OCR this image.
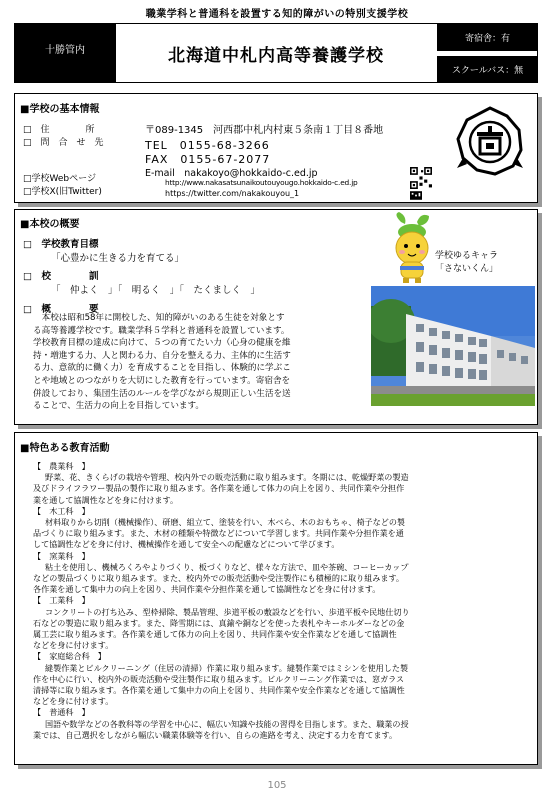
職業学科と普通科を設置する知的障がいの特別支援学校
十勝管内	北海道中札内高等養護学校
寄宿舎：有
スクールバス：無
■学校の基本情報
□　住　　　　所
□　問　合　せ　先
〒089-1345　河西郡中札内村東５条南１丁目８番地
TEL　0155-68-3266
FAX　0155-67-2077
E-mail　nakakoyo@hokkaido-c.ed.jp
□学校Webページ
□学校X(旧Twitter)
http://www.nakasatsunaikoutouyougo.hokkaido-c.ed.jp
https://twitter.com/nakakouyou_1
■本校の概要
□　学校教育目標
「心豊かに生きる力を育てる」
□　校　　　　訓
「　仲よく　」「　明るく　」「　たくましく　」
□　概　　　　要
　本校は昭和58年に開校した、知的障がいのある生徒を対象とす
る高等養護学校です。職業学科５学科と普通科を設置しています。
学校教育目標の達成に向けて、５つの育てたい力（心身の健康を維
持・増進する力、人と関わる力、自分を整える力、主体的に生活す
る力、意欲的に働く力）を育成することを目指し、体験的に学ぶこ
とや地域とのつながりを大切にした教育を行っています。寄宿舎を
併設しており、集団生活のルールを学びながら規則正しい生活を送
ることで、生活力の向上を目指しています。
学校ゆるキャラ
「さないくん」
■特色ある教育活動
【　農業科　】
野菜、花、きくらげの栽培や管理、校内外での販売活動に取り組みます。冬期には、乾燥野菜の製造
及びドライフラワー製品の製作に取り組みます。各作業を通して体力の向上を図り、共同作業や分担作
業を通して協調性などを身に付けます。
【　木工科　】
材料取りから切削（機械操作）、研磨、組立て、塗装を行い、木べら、木のおもちゃ、椅子などの製
品づくりに取り組みます。また、木材の種類や特徴などについて学習します。共同作業や分担作業を通
して協調性などを身に付け、機械操作を通して安全への配慮などについて学びます。
【　窯業科　】
粘土を使用し、機械ろくろやよりづくり、板づくりなど、様々な方法で、皿や茶碗、コーヒーカップ
などの製品づくりに取り組みます。また、校内外での販売活動や受注製作にも積極的に取り組みます。
各作業を通して集中力の向上を図り、共同作業や分担作業を通して協調性などを身に付けます。
【　工業科　】
コンクリートの打ち込み、型枠掃除、製品管理、歩道平板の敷設などを行い、歩道平板や民地仕切り
石などの製造に取り組みます。また、降雪期には、真鍮や銅などを使った表札やキーホルダーなどの金
属工芸に取り組みます。各作業を通して体力の向上を図り、共同作業や安全作業などを通して協調性
などを身に付けます。
【　家庭総合科　】
縫製作業とビルクリーニング（住居の清掃）作業に取り組みます。縫製作業ではミシンを使用した製
作を中心に行い、校内外の販売活動や受注製作に取り組みます。ビルクリーニング作業では、窓ガラス
清掃等に取り組みます。各作業を通して集中力の向上を図り、共同作業や安全作業などを通して協調性
などを身に付けます。
【　普通科　】
国語や数学などの各教科等の学習を中心に、幅広い知識や技能の習得を目指します。また、職業の授
業では、自己選択をしながら幅広い職業体験等を行い、自らの進路を考え、決定する力を育てます。
105
